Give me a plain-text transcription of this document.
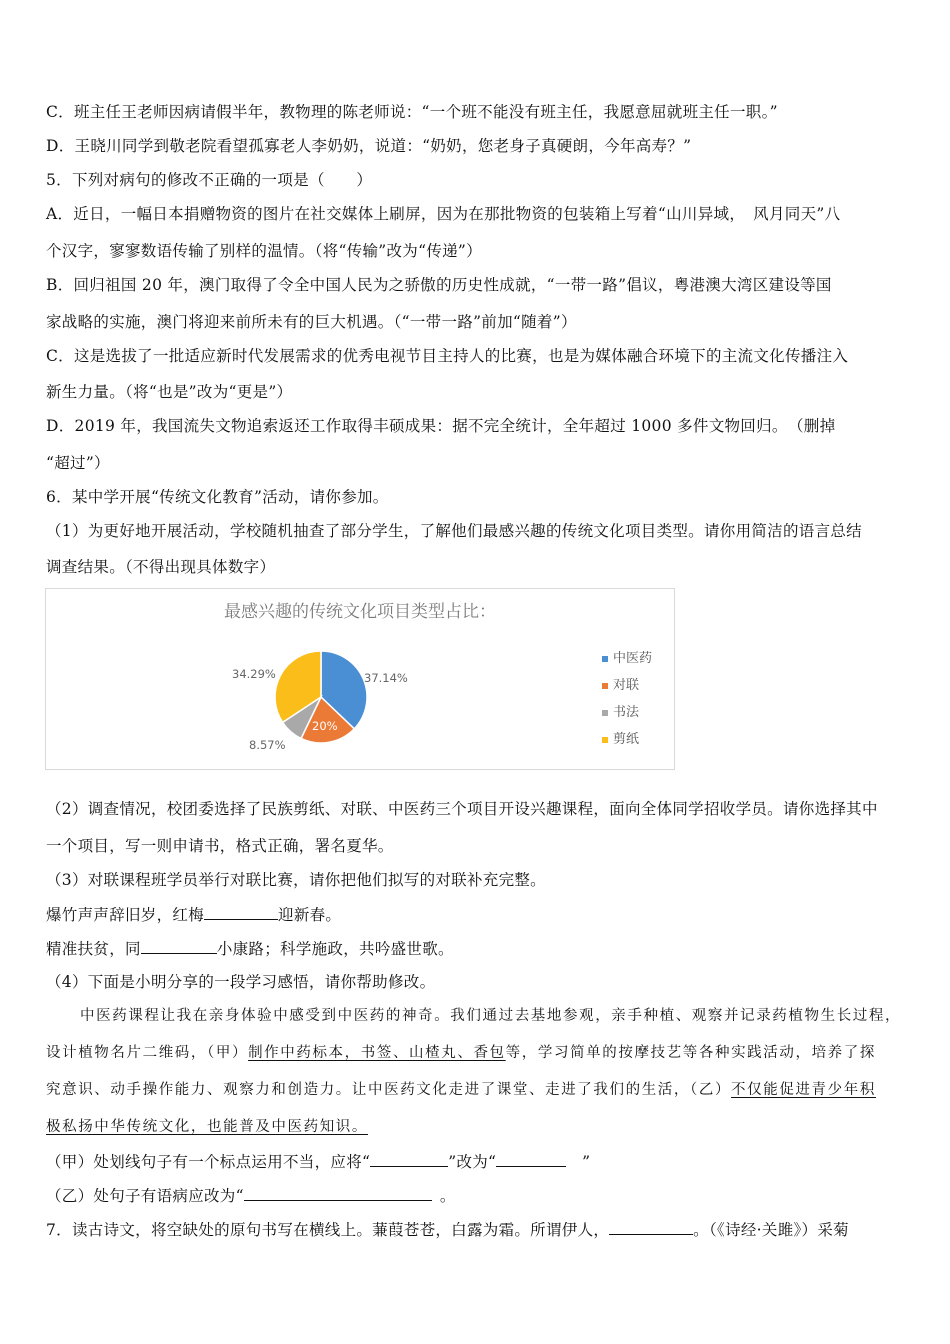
C．班主任王老师因病请假半年，教物理的陈老师说：“一个班不能没有班主任，我愿意屈就班主任一职。”
D．王晓川同学到敬老院看望孤寡老人李奶奶，说道：“奶奶，您老身子真硬朗，今年高寿？”
5．下列对病句的修改不正确的一项是（　　）
A．近日，一幅日本捐赠物资的图片在社交媒体上刷屏，因为在那批物资的包装箱上写着“山川异域，　风月同天”八
个汉字，寥寥数语传输了别样的温情。（将“传输”改为“传递”）
B．回归祖国 20 年，澳门取得了令全中国人民为之骄傲的历史性成就，“一带一路”倡议，粤港澳大湾区建设等国
家战略的实施，澳门将迎来前所未有的巨大机遇。（“一带一路”前加“随着”）
C．这是选拔了一批适应新时代发展需求的优秀电视节目主持人的比赛，也是为媒体融合环境下的主流文化传播注入
新生力量。（将“也是”改为“更是”）
D．2019 年，我国流失文物追索返还工作取得丰硕成果：据不完全统计，全年超过 1000 多件文物回归。　（删掉
“超过”）
6．某中学开展“传统文化教育”活动，请你参加。
（1）为更好地开展活动，学校随机抽查了部分学生，了解他们最感兴趣的传统文化项目类型。请你用简洁的语言总结
调查结果。（不得出现具体数字）
最感兴趣的传统文化项目类型占比：
37.14%
20%
8.57%
34.29%
中医药
对联
书法
剪纸
（2）调查情况，校团委选择了民族剪纸、对联、中医药三个项目开设兴趣课程，面向全体同学招收学员。请你选择其中
一个项目，写一则申请书，格式正确，署名夏华。
（3）对联课程班学员举行对联比赛，请你把他们拟写的对联补充完整。
爆竹声声辞旧岁，红梅	迎新春。
精准扶贫，同	小康路；科学施政，共吟盛世歌。
（4）下面是小明分享的一段学习感悟，请你帮助修改。
中医药课程让我在亲身体验中感受到中医药的神奇。我们通过去基地参观，亲手种植、观察并记录药植物生长过程，
设计植物名片二维码，（甲）制作中药标本，书签、山楂丸、香包等，学习简单的按摩技艺等各种实践活动，培养了探
究意识、动手操作能力、观察力和创造力。让中医药文化走进了课堂、走进了我们的生活，（乙）不仅能促进青少年积
极私扬中华传统文化，也能普及中医药知识。
（甲）处划线句子有一个标点运用不当，应将“	”改为“	　”
（乙）处句子有语病应改为“	。
7．读古诗文，将空缺处的原句书写在横线上。蒹葭苍苍，白露为霜。所谓伊人，	。（《诗经·关雎》）采菊
